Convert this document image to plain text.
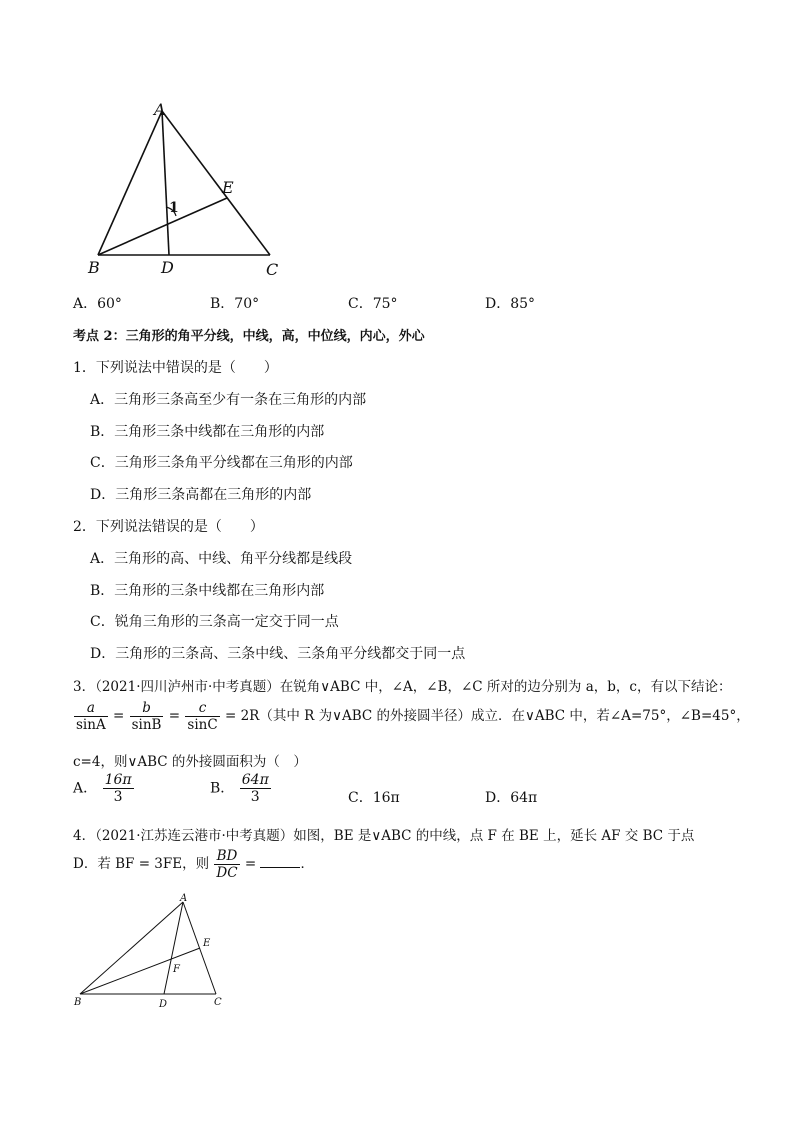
A
E
B	D	C
1
A．60°	B．70°	C．75°	D．85°
考点 2：三角形的角平分线，中线，高，中位线，内心，外心
1．下列说法中错误的是（　　）
A．三角形三条高至少有一条在三角形的内部
B．三角形三条中线都在三角形的内部
C．三角形三条角平分线都在三角形的内部
D．三角形三条高都在三角形的内部
2．下列说法错误的是（　　）
A．三角形的高、中线、角平分线都是线段
B．三角形的三条中线都在三角形内部
C．锐角三角形的三条高一定交于同一点
D．三角形的三条高、三条中线、三条角平分线都交于同一点
3．（2021·四川泸州市·中考真题）在锐角∨ABC 中，∠A，∠B，∠C 所对的边分别为 a，b，c，有以下结论：
$\frac{a}{\sin A} = \frac{b}{\sin B} = \frac{c}{\sin C} = 2R$（其中 R 为∨ABC 的外接圆半径）成立．在∨ABC 中，若∠A=75°，∠B=45°，
c=4，则∨ABC 的外接圆面积为（　）
A． $\frac{16\pi}{3}$	B． $\frac{64\pi}{3}$	C．16π	D．64π
4．（2021·江苏连云港市·中考真题）如图，BE 是∨ABC 的中线，点 F 在 BE 上，延长 AF 交 BC 于点
D．若 BF = 3FE，则 $\frac{BD}{DC}$ =	．
A
E
F
B	D	C
